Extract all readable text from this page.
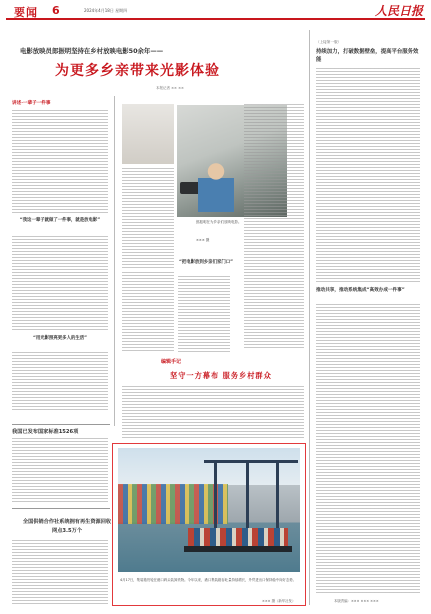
要闻 6	2024年4月18日 星期四	人民日报
电影放映员郎振明坚持在乡村放映电影50余年——
为更多乡亲带来光影体验
本报记者 ×× ××
讲述·一辈子一件事
“我这一辈子就做了一件事，就是放电影”
“用光影照亮更多人的生活”
“把电影放到乡亲们家门口”
郎振明在为乡亲们放映电影。
××× 摄
编辑手记
坚守一方幕布 服务乡村群众
我国已发布国家标准1526项
全国供销合作社系统拥有再生资源回收网点3.5万个
4月17日，集装箱货轮在港口码头装卸货物。今年以来，港口集装箱吞吐量持续增长，外贸进出口保持稳中向好态势。
××× 摄（新华社发）
（上接第一版）
持续加力，打破数据壁垒，提高平台服务效能
推动共享，推动系统集成“高效办成一件事”
本版责编：××× ××× ×××
